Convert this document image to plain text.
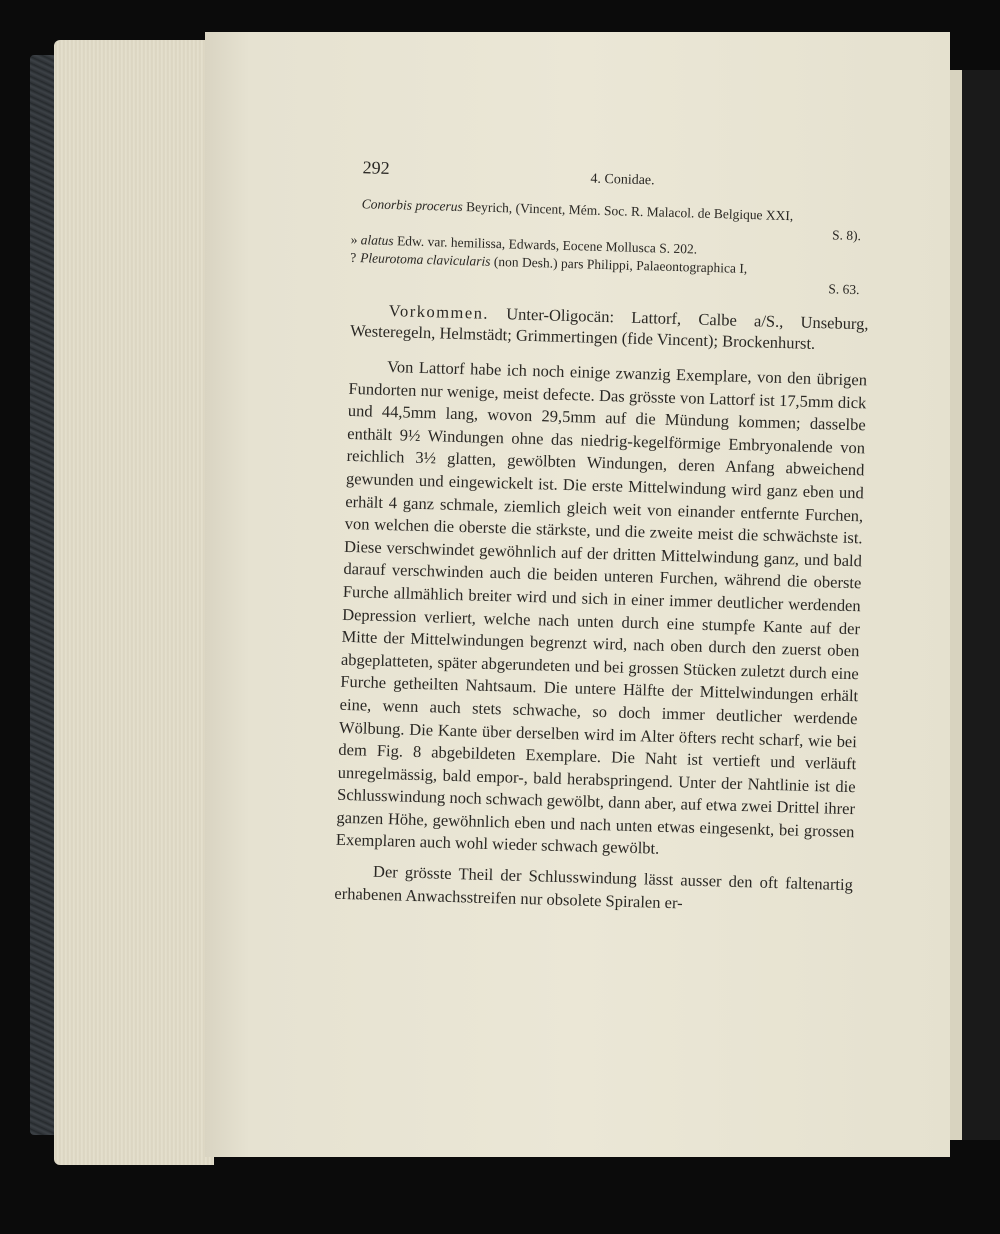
292
4. Conidae.
Conorbis procerus Beyrich, (Vincent, Mém. Soc. R. Malacol. de Belgique XXI,
S. 8).
» alatus Edw. var. hemilissa, Edwards, Eocene Mollusca S. 202.
? Pleurotoma clavicularis (non Desh.) pars Philippi, Palaeontographica I,
S. 63.
Vorkommen. Unter-Oligocän: Lattorf, Calbe a/S., Unseburg, Westeregeln, Helmstädt; Grimmertingen (fide Vincent); Brockenhurst.
Von Lattorf habe ich noch einige zwanzig Exemplare, von den übrigen Fundorten nur wenige, meist defecte. Das grösste von Lattorf ist 17,5mm dick und 44,5mm lang, wovon 29,5mm auf die Mündung kommen; dasselbe enthält 9½ Windungen ohne das niedrig-kegelförmige Embryonalende von reichlich 3½ glatten, gewölbten Windungen, deren Anfang abweichend gewunden und eingewickelt ist. Die erste Mittelwindung wird ganz eben und erhält 4 ganz schmale, ziemlich gleich weit von einander entfernte Furchen, von welchen die oberste die stärkste, und die zweite meist die schwächste ist. Diese verschwindet gewöhnlich auf der dritten Mittelwindung ganz, und bald darauf verschwinden auch die beiden unteren Furchen, während die oberste Furche allmählich breiter wird und sich in einer immer deutlicher werdenden Depression verliert, welche nach unten durch eine stumpfe Kante auf der Mitte der Mittelwindungen begrenzt wird, nach oben durch den zuerst oben abgeplatteten, später abgerundeten und bei grossen Stücken zuletzt durch eine Furche getheilten Nahtsaum. Die untere Hälfte der Mittelwindungen erhält eine, wenn auch stets schwache, so doch immer deutlicher werdende Wölbung. Die Kante über derselben wird im Alter öfters recht scharf, wie bei dem Fig. 8 abgebildeten Exemplare. Die Naht ist vertieft und verläuft unregelmässig, bald empor-, bald herabspringend. Unter der Nahtlinie ist die Schlusswindung noch schwach gewölbt, dann aber, auf etwa zwei Drittel ihrer ganzen Höhe, gewöhnlich eben und nach unten etwas eingesenkt, bei grossen Exemplaren auch wohl wieder schwach gewölbt.
Der grösste Theil der Schlusswindung lässt ausser den oft faltenartig erhabenen Anwachsstreifen nur obsolete Spiralen er-
